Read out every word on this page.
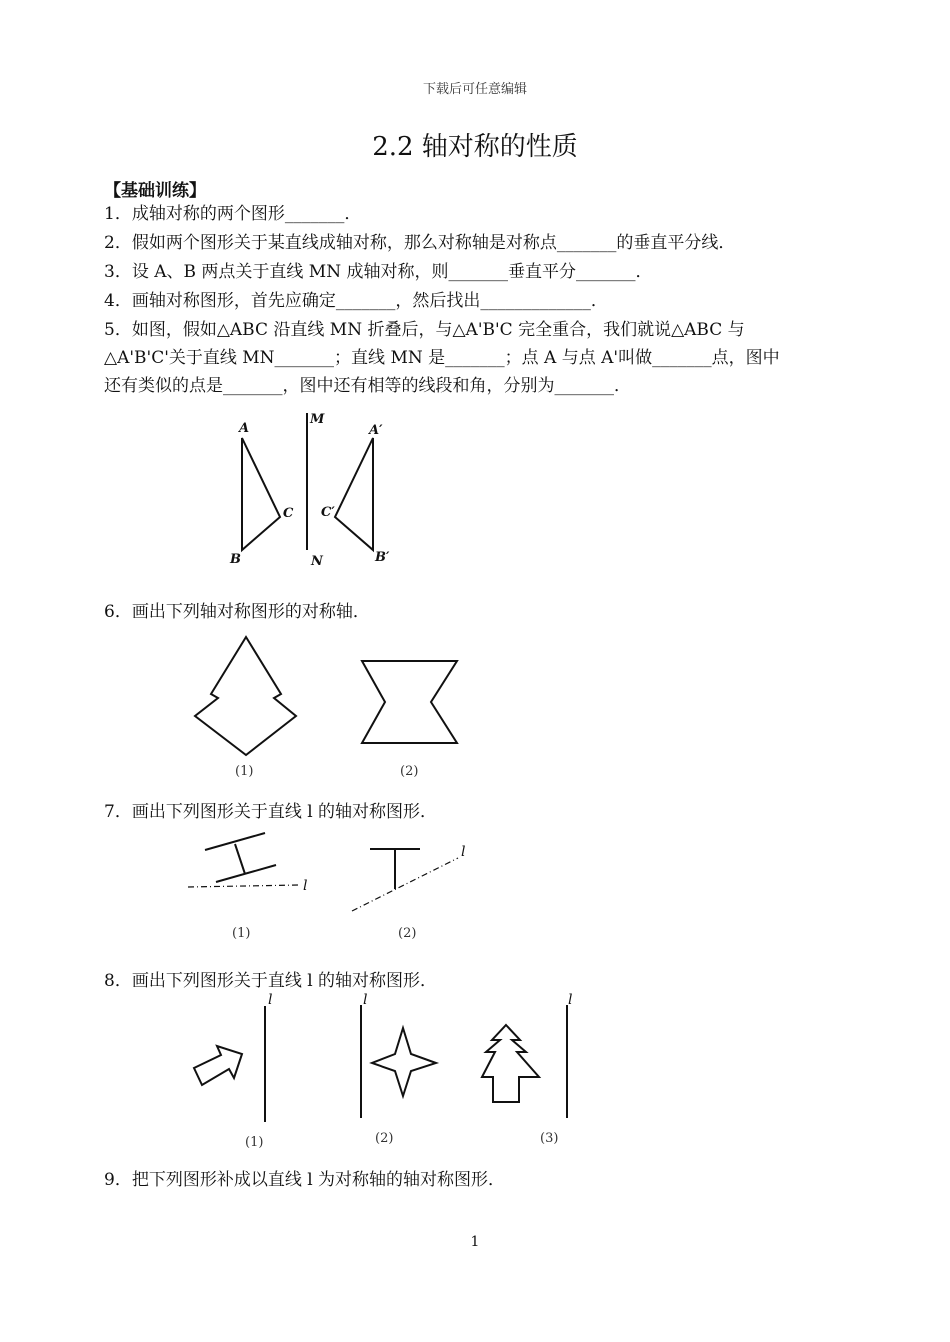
下载后可任意编辑
2.2 轴对称的性质
【基础训练】
1．成轴对称的两个图形_______．
2．假如两个图形关于某直线成轴对称，那么对称轴是对称点_______的垂直平分线．
3．设 A、B 两点关于直线 MN 成轴对称，则_______垂直平分_______．
4．画轴对称图形，首先应确定_______，然后找出_____________．
5．如图，假如△ABC 沿直线 MN 折叠后，与△A'B'C 完全重合，我们就说△ABC 与
△A'B'C'关于直线 MN_______；直线 MN 是_______；点 A 与点 A'叫做_______点，图中
还有类似的点是_______，图中还有相等的线段和角，分别为_______．
A
B
C
M
N
A′
B′
C′
6．画出下列轴对称图形的对称轴．
(1)	(2)
7．画出下列图形关于直线 l 的轴对称图形．
l
l
(1)	(2)
8．画出下列图形关于直线 l 的轴对称图形．
l	l	l
(1)	(2)	(3)
9．把下列图形补成以直线 l 为对称轴的轴对称图形．
1
